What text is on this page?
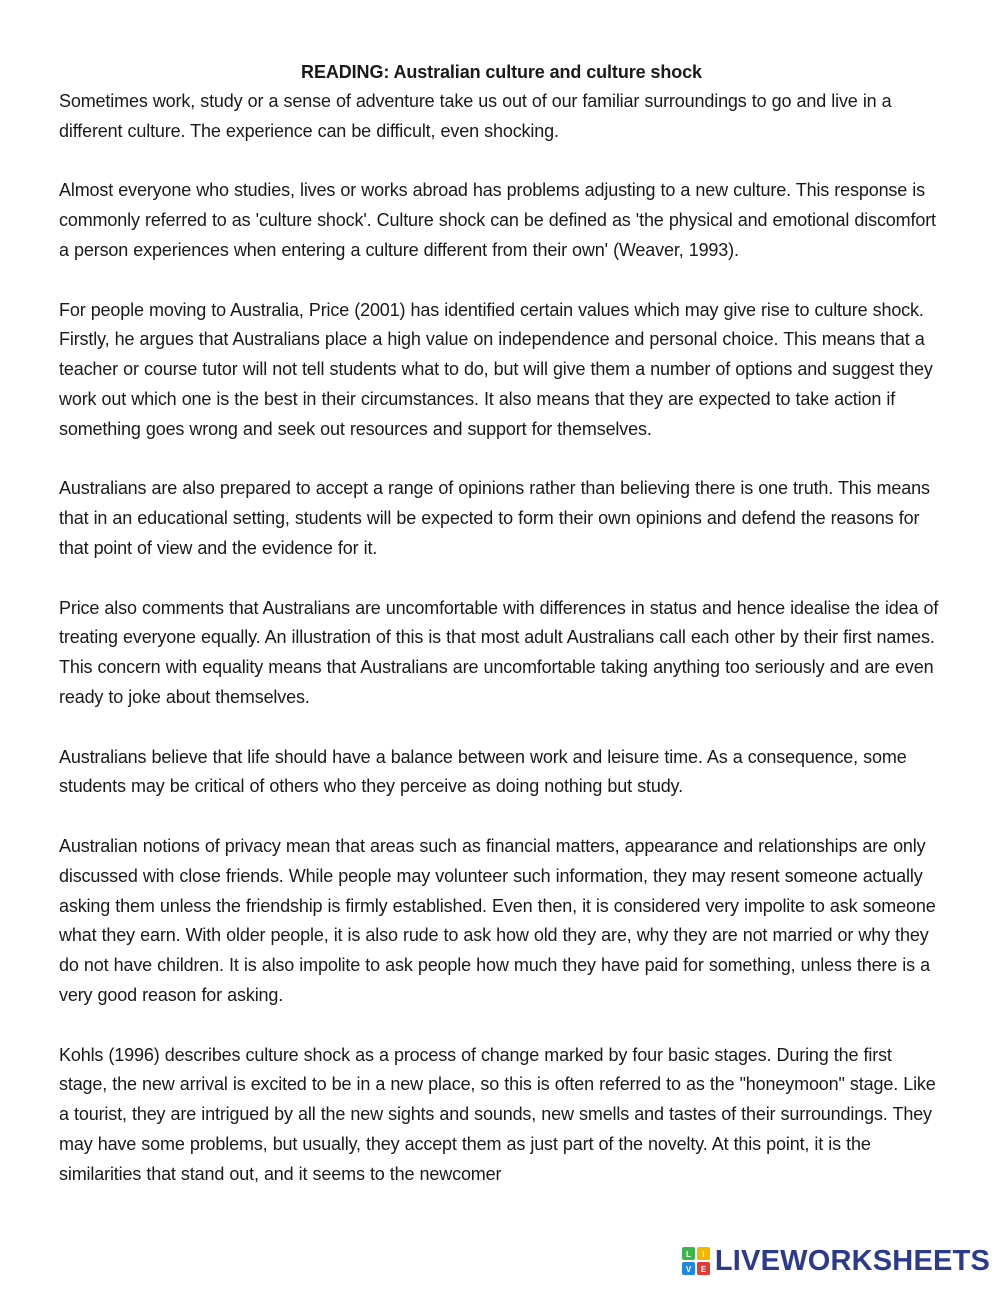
READING: Australian culture and culture shock

Sometimes work, study or a sense of adventure take us out of our familiar surroundings to go and live in a different culture. The experience can be difficult, even shocking.

Almost everyone who studies, lives or works abroad has problems adjusting to a new culture. This response is commonly referred to as 'culture shock'. Culture shock can be defined as 'the physical and emotional discomfort a person experiences when entering a culture different from their own' (Weaver, 1993).

For people moving to Australia, Price (2001) has identified certain values which may give rise to culture shock. Firstly, he argues that Australians place a high value on independence and personal choice. This means that a teacher or course tutor will not tell students what to do, but will give them a number of options and suggest they work out which one is the best in their circumstances. It also means that they are expected to take action if something goes wrong and seek out resources and support for themselves.

Australians are also prepared to accept a range of opinions rather than believing there is one truth. This means that in an educational setting, students will be expected to form their own opinions and defend the reasons for that point of view and the evidence for it.

Price also comments that Australians are uncomfortable with differences in status and hence idealise the idea of treating everyone equally. An illustration of this is that most adult Australians call each other by their first names. This concern with equality means that Australians are uncomfortable taking anything too seriously and are even ready to joke about themselves.

Australians believe that life should have a balance between work and leisure time. As a consequence, some students may be critical of others who they perceive as doing nothing but study.

Australian notions of privacy mean that areas such as financial matters, appearance and relationships are only discussed with close friends. While people may volunteer such information, they may resent someone actually asking them unless the friendship is firmly established. Even then, it is considered very impolite to ask someone what they earn. With older people, it is also rude to ask how old they are, why they are not married or why they do not have children. It is also impolite to ask people how much they have paid for something, unless there is a very good reason for asking.

Kohls (1996) describes culture shock as a process of change marked by four basic stages. During the first stage, the new arrival is excited to be in a new place, so this is often referred to as the "honeymoon" stage. Like a tourist, they are intrigued by all the new sights and sounds, new smells and tastes of their surroundings. They may have some problems, but usually, they accept them as just part of the novelty. At this point, it is the similarities that stand out, and it seems to the newcomer

L I
V E LIVEWORKSHEETS
